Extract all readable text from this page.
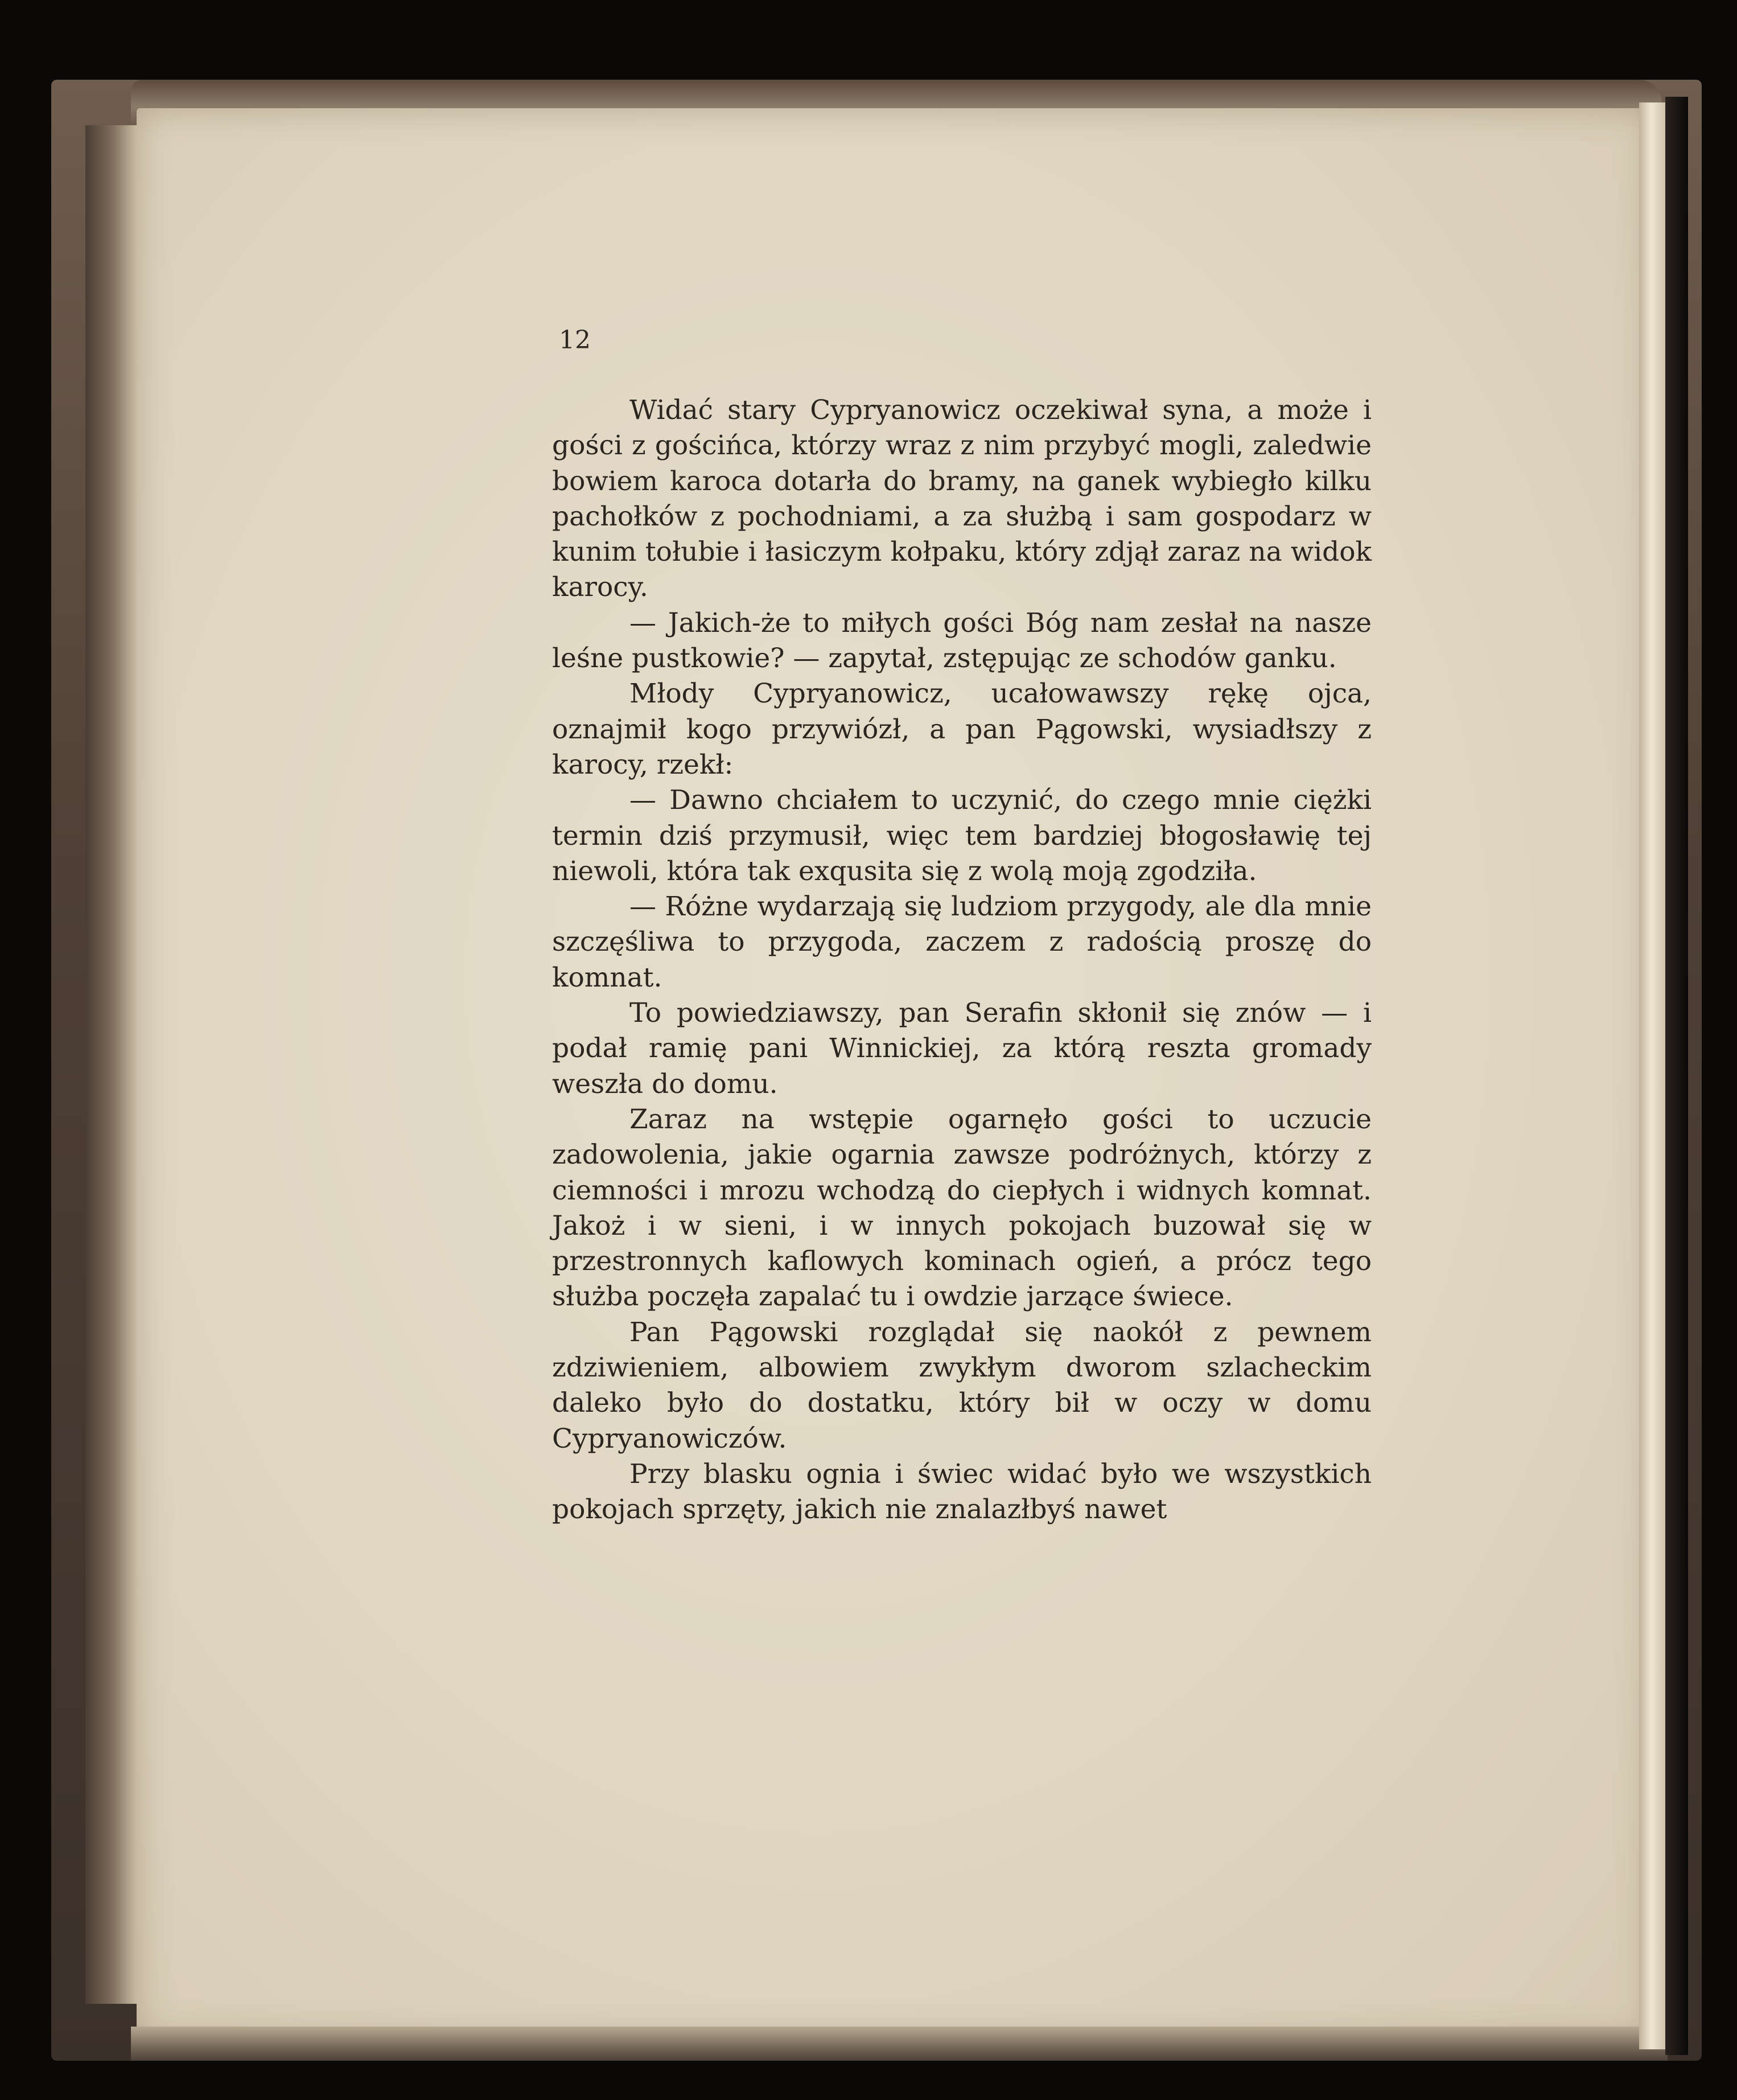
12

Widać stary Cypryanowicz oczekiwał syna, a może i gości z gościńca, którzy wraz z nim przybyć mogli, zaledwie bowiem karoca dotarła do bramy, na ganek wybiegło kilku pachołków z pochodniami, a za służbą i sam gospodarz w kunim tołubie i łasiczym kołpaku, który zdjął zaraz na widok karocy.

— Jakich-że to miłych gości Bóg nam zesłał na nasze leśne pustkowie? — zapytał, zstępując ze schodów ganku.

Młody Cypryanowicz, ucałowawszy rękę ojca, oznajmił kogo przywiózł, a pan Pągowski, wysiadłszy z karocy, rzekł:

— Dawno chciałem to uczynić, do czego mnie ciężki termin dziś przymusił, więc tem bardziej błogosławię tej niewoli, która tak exqusita się z wolą moją zgodziła.

— Różne wydarzają się ludziom przygody, ale dla mnie szczęśliwa to przygoda, zaczem z radością proszę do komnat.

To powiedziawszy, pan Serafin skłonił się znów — i podał ramię pani Winnickiej, za którą reszta gromady weszła do domu.

Zaraz na wstępie ogarnęło gości to uczucie zadowolenia, jakie ogarnia zawsze podróżnych, którzy z ciemności i mrozu wchodzą do ciepłych i widnych komnat. Jakoż i w sieni, i w innych pokojach buzował się w przestronnych kaflowych kominach ogień, a prócz tego służba poczęła zapalać tu i owdzie jarzące świece.

Pan Pągowski rozglądał się naokół z pewnem zdziwieniem, albowiem zwykłym dworom szlacheckim daleko było do dostatku, który bił w oczy w domu Cypryanowiczów.

Przy blasku ognia i świec widać było we wszystkich pokojach sprzęty, jakich nie znalazłbyś nawet
